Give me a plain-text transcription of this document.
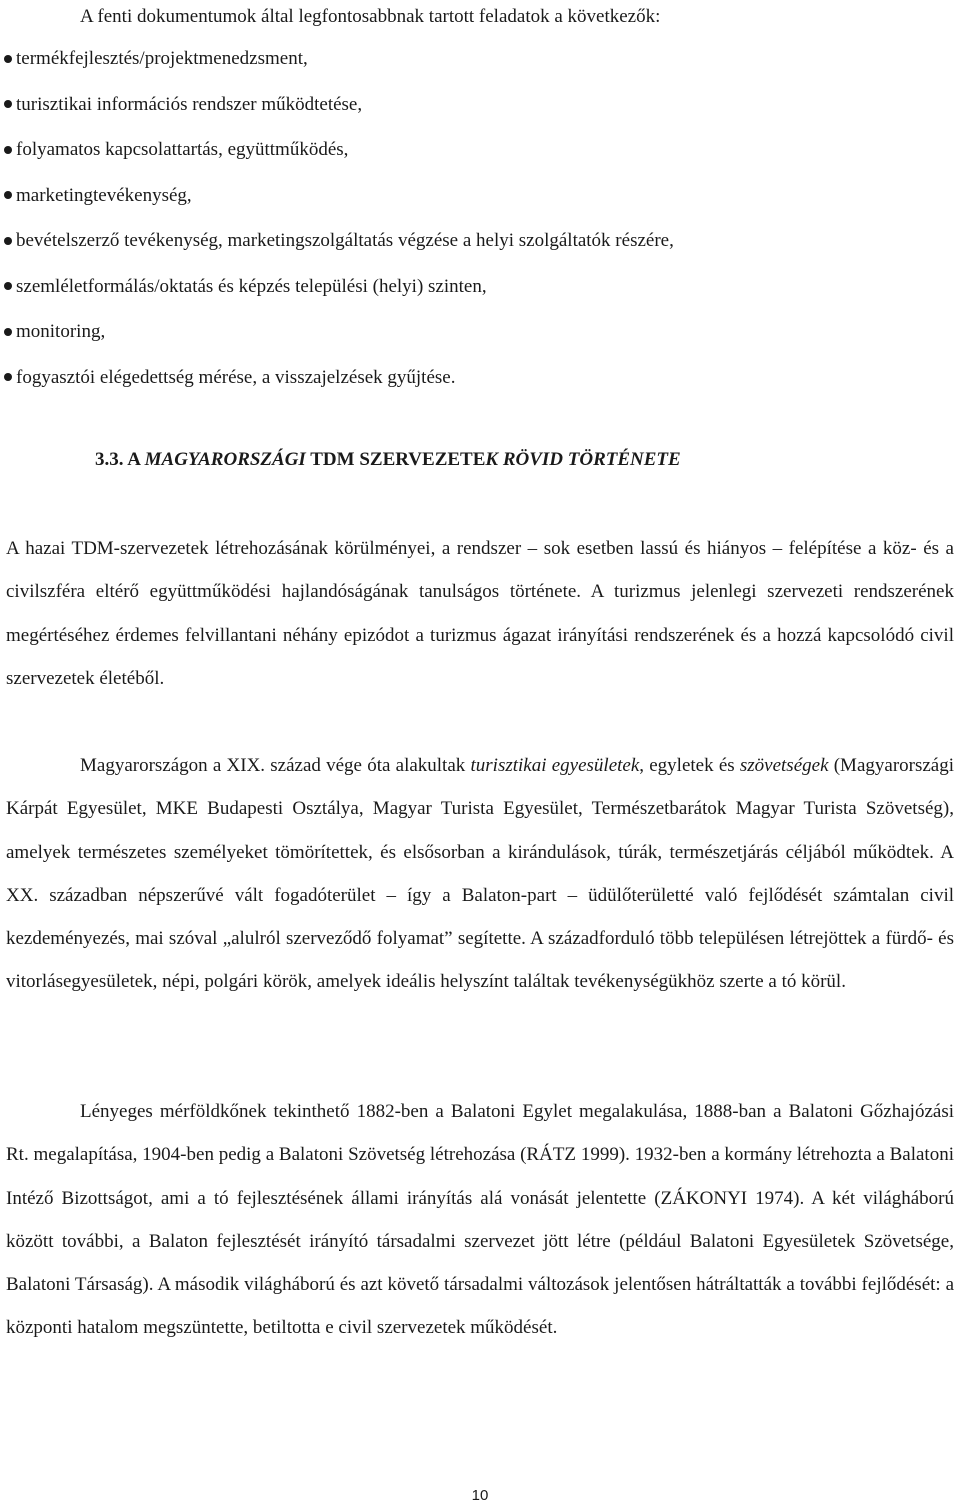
A fenti dokumentumok által legfontosabbnak tartott feladatok a következők:
termékfejlesztés/projektmenedzsment,
turisztikai információs rendszer működtetése,
folyamatos kapcsolattartás, együttműködés,
marketingtevékenység,
bevételszerző tevékenység, marketingszolgáltatás végzése a helyi szolgáltatók részére,
szemléletformálás/oktatás és képzés települési (helyi) szinten,
monitoring,
fogyasztói elégedettség mérése, a visszajelzések gyűjtése.
3.3. A MAGYARORSZÁGI TDM SZERVEZETEK RÖVID TÖRTÉNETE

A hazai TDM-szervezetek létrehozásának körülményei, a rendszer – sok esetben lassú és hiányos – felépítése a köz- és a civilszféra eltérő együttműködési hajlandóságának tanulságos története. A turizmus jelenlegi szervezeti rendszerének megértéséhez érdemes felvillantani néhány epizódot a turizmus ágazat irányítási rendszerének és a hozzá kapcsolódó civil szervezetek életéből.

Magyarországon a XIX. század vége óta alakultak turisztikai egyesületek, egyletek és szövetségek (Magyarországi Kárpát Egyesület, MKE Budapesti Osztálya, Magyar Turista Egyesület, Természetbarátok Magyar Turista Szövetség), amelyek természetes személyeket tömörítettek, és elsősorban a kirándulások, túrák, természetjárás céljából működtek. A XX. században népszerűvé vált fogadóterület – így a Balaton-part – üdülőterületté való fejlődését számtalan civil kezdeményezés, mai szóval „alulról szerveződő folyamat” segítette. A századforduló több településen létrejöttek a fürdő- és vitorlásegyesületek, népi, polgári körök, amelyek ideális helyszínt találtak tevékenységükhöz szerte a tó körül.

Lényeges mérföldkőnek tekinthető 1882-ben a Balatoni Egylet megalakulása, 1888-ban a Balatoni Gőzhajózási Rt. megalapítása, 1904-ben pedig a Balatoni Szövetség létrehozása (RÁTZ 1999). 1932-ben a kormány létrehozta a Balatoni Intéző Bizottságot, ami a tó fejlesztésének állami irányítás alá vonását jelentette (ZÁKONYI 1974). A két világháború között további, a Balaton fejlesztését irányító társadalmi szervezet jött létre (például Balatoni Egyesületek Szövetsége, Balatoni Társaság). A második világháború és azt követő társadalmi változások jelentősen hátráltatták a további fejlődését: a központi hatalom megszüntette, betiltotta e civil szervezetek működését.

10
